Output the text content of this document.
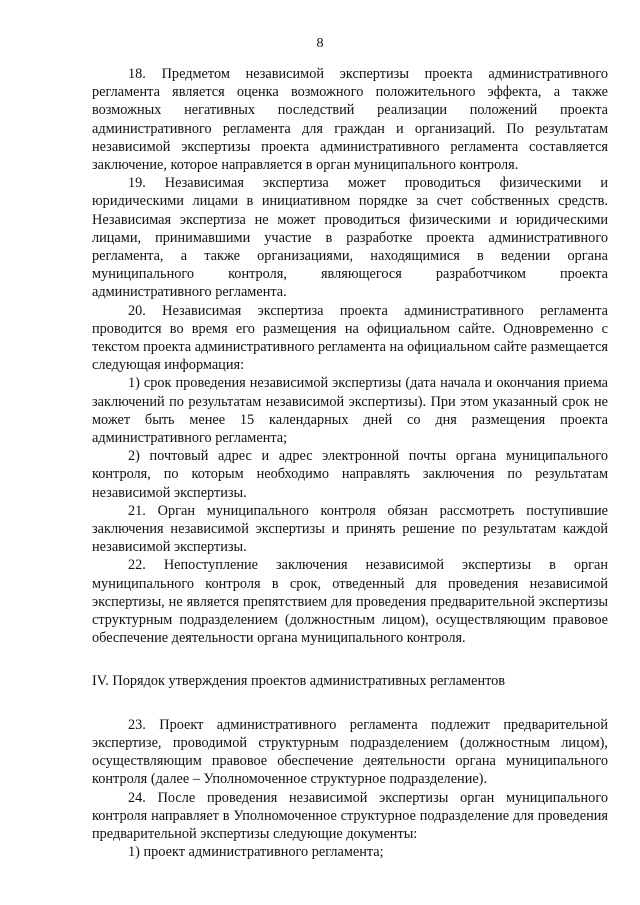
8

18. Предметом независимой экспертизы проекта административного регламента является оценка возможного положительного эффекта, а также возможных негативных последствий реализации положений проекта административного регламента для граждан и организаций. По результатам независимой экспертизы проекта административного регламента составляется заключение, которое направляется в орган муниципального контроля.

19. Независимая экспертиза может проводиться физическими и юридическими лицами в инициативном порядке за счет собственных средств. Независимая экспертиза не может проводиться физическими и юридическими лицами, принимавшими участие в разработке проекта административного регламента, а также организациями, находящимися в ведении органа муниципального контроля, являющегося разработчиком проекта административного регламента.

20. Независимая экспертиза проекта административного регламента проводится во время его размещения на официальном сайте. Одновременно с текстом проекта административного регламента на официальном сайте размещается следующая информация:

1) срок проведения независимой экспертизы (дата начала и окончания приема заключений по результатам независимой экспертизы). При этом указанный срок не может быть менее 15 календарных дней со дня размещения проекта административного регламента;

2) почтовый адрес и адрес электронной почты органа муниципального контроля, по которым необходимо направлять заключения по результатам независимой экспертизы.

21. Орган муниципального контроля обязан рассмотреть поступившие заключения независимой экспертизы и принять решение по результатам каждой независимой экспертизы.

22. Непоступление заключения независимой экспертизы в орган муниципального контроля в срок, отведенный для проведения независимой экспертизы, не является препятствием для проведения предварительной экспертизы структурным подразделением (должностным лицом), осуществляющим правовое обеспечение деятельности органа муниципального контроля.

IV. Порядок утверждения проектов административных регламентов

23. Проект административного регламента подлежит предварительной экспертизе, проводимой структурным подразделением (должностным лицом), осуществляющим правовое обеспечение деятельности органа муниципального контроля (далее – Уполномоченное структурное подразделение).

24. После проведения независимой экспертизы орган муниципального контроля направляет в Уполномоченное структурное подразделение для проведения предварительной экспертизы следующие документы:

1) проект административного регламента;
